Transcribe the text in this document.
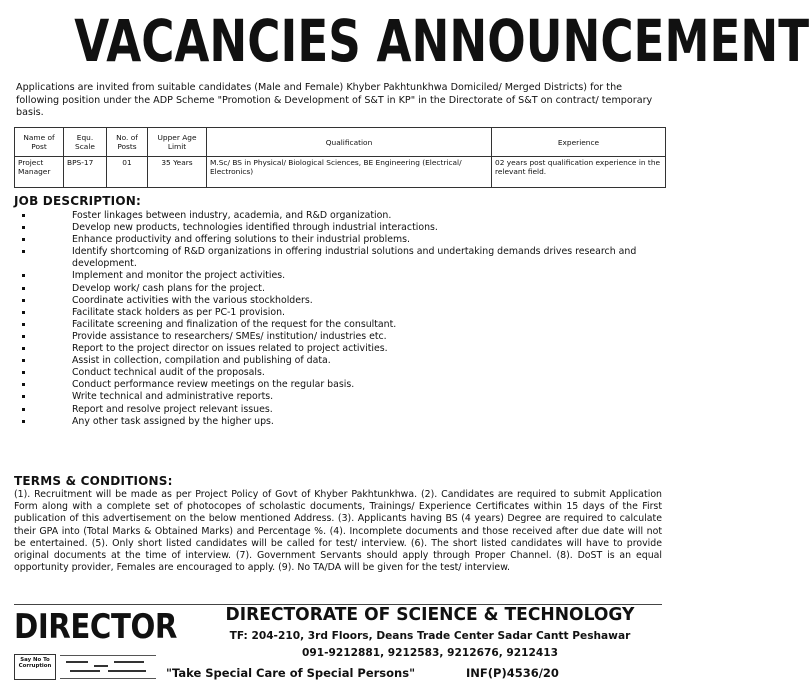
VACANCIES ANNOUNCEMENT
Applications are invited from suitable candidates (Male and Female) Khyber Pakhtunkhwa Domiciled/ Merged Districts) for the following position under the ADP Scheme "Promotion & Development of S&T in KP" in the Directorate of S&T on contract/ temporary basis.
Name of Post	Equ. Scale	No. of Posts	Upper Age Limit	Qualification	Experience
Project Manager	BPS-17	01	35 Years	M.Sc/ BS in Physical/ Biological Sciences, BE Engineering (Electrical/ Electronics)	02 years post qualification experience in the relevant field.
JOB DESCRIPTION:
Foster linkages between industry, academia, and R&D organization.
Develop new products, technologies identified through industrial interactions.
Enhance productivity and offering solutions to their industrial problems.
Identify shortcoming of R&D organizations in offering industrial solutions and undertaking demands drives research and development.
Implement and monitor the project activities.
Develop work/ cash plans for the project.
Coordinate activities with the various stockholders.
Facilitate stack holders as per PC-1 provision.
Facilitate screening and finalization of the request for the consultant.
Provide assistance to researchers/ SMEs/ institution/ industries etc.
Report to the project director on issues related to project activities.
Assist in collection, compilation and publishing of data.
Conduct technical audit of the proposals.
Conduct performance review meetings on the regular basis.
Write technical and administrative reports.
Report and resolve project relevant issues.
Any other task assigned by the higher ups.
TERMS & CONDITIONS:
(1). Recruitment will be made as per Project Policy of Govt of Khyber Pakhtunkhwa. (2). Candidates are required to submit Application Form along with a complete set of photocopes of scholastic documents, Trainings/ Experience Certificates within 15 days of the First publication of this advertisement on the below mentioned Address. (3). Applicants having BS (4 years) Degree are required to calculate their GPA into (Total Marks & Obtained Marks) and Percentage %. (4). Incomplete documents and those received after due date will not be entertained. (5). Only short listed candidates will be called for test/ interview. (6). The short listed candidates will have to provide original documents at the time of interview. (7). Government Servants should apply through Proper Channel. (8). DoST is an equal opportunity provider, Females are encouraged to apply. (9). No TA/DA will be given for the test/ interview.
DIRECTOR	DIRECTORATE OF SCIENCE & TECHNOLOGY
TF: 204-210, 3rd Floors, Deans Trade Center Sadar Cantt Peshawar
091-9212881, 9212583, 9212676, 9212413
Say No To Corruption	"Take Special Care of Special Persons"	INF(P)4536/20
